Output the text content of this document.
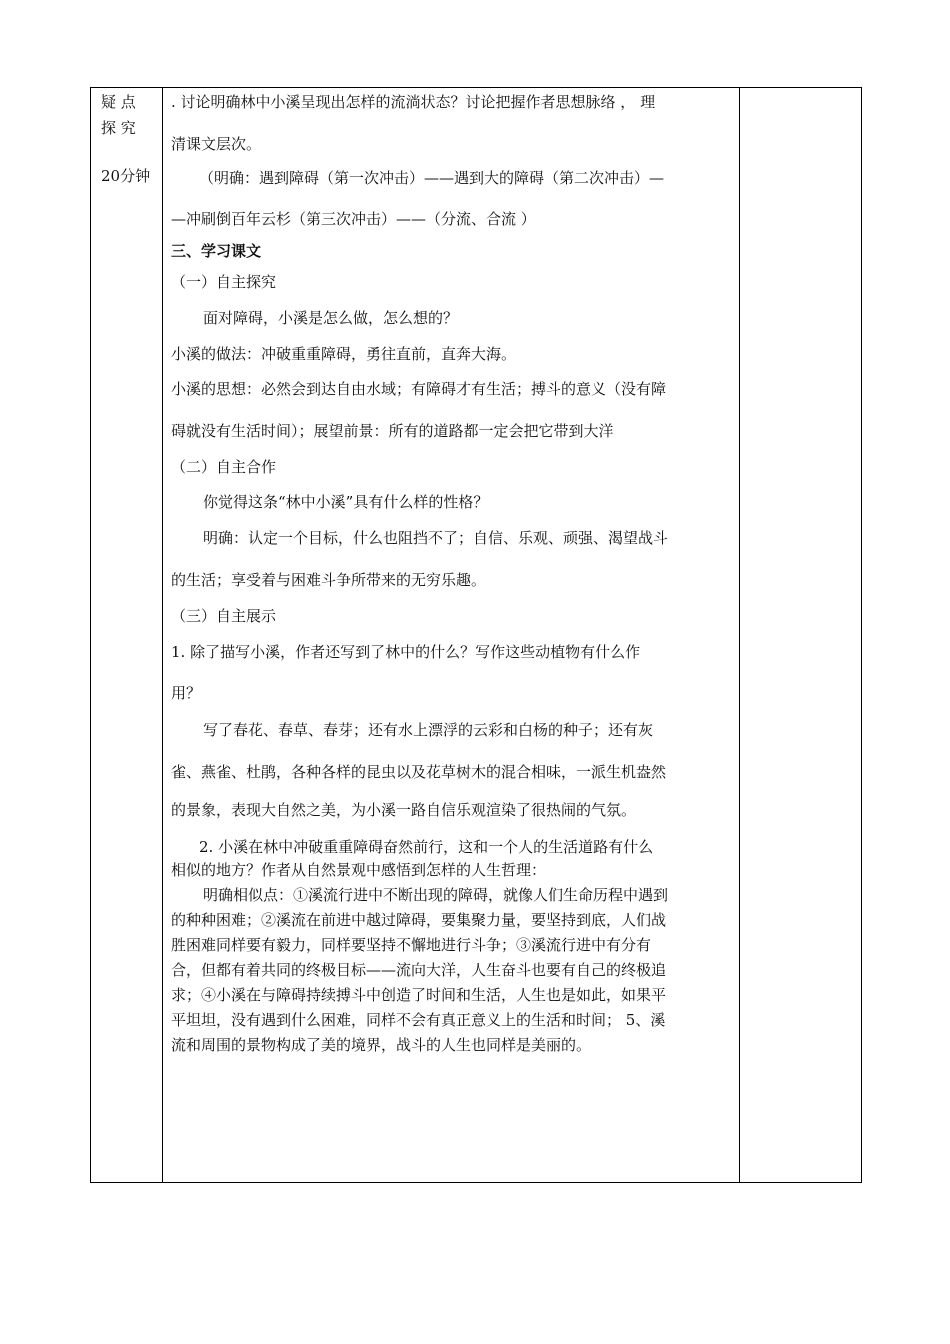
疑 点
探 究
20分钟
. 讨论明确林中小溪呈现出怎样的流淌状态？讨论把握作者思想脉络 ， 理
清课文层次。
（明确：遇到障碍（第一次冲击）——遇到大的障碍（第二次冲击）—
—冲刷倒百年云杉（第三次冲击）——（分流、合流 ）
三、学习课文
（一）自主探究
面对障碍，小溪是怎么做，怎么想的？
小溪的做法：冲破重重障碍，勇往直前，直奔大海。
小溪的思想：必然会到达自由水域；有障碍才有生活；搏斗的意义（没有障
碍就没有生活时间）；展望前景：所有的道路都一定会把它带到大洋
（二）自主合作
你觉得这条“林中小溪”具有什么样的性格？
明确：认定一个目标，什么也阻挡不了；自信、乐观、顽强、渴望战斗
的生活；享受着与困难斗争所带来的无穷乐趣。
（三）自主展示
1. 除了描写小溪，作者还写到了林中的什么？写作这些动植物有什么作
用？
写了春花、春草、春芽；还有水上漂浮的云彩和白杨的种子；还有灰
雀、燕雀、杜鹃，各种各样的昆虫以及花草树木的混合相味，一派生机盎然
的景象，表现大自然之美，为小溪一路自信乐观渲染了很热闹的气氛。
2. 小溪在林中冲破重重障碍奋然前行，这和一个人的生活道路有什么
相似的地方？作者从自然景观中感悟到怎样的人生哲理：
明确相似点：①溪流行进中不断出现的障碍，就像人们生命历程中遇到
的种种困难；②溪流在前进中越过障碍，要集聚力量，要坚持到底，人们战
胜困难同样要有毅力，同样要坚持不懈地进行斗争；③溪流行进中有分有
合，但都有着共同的终极目标——流向大洋，人生奋斗也要有自己的终极追
求；④小溪在与障碍持续搏斗中创造了时间和生活，人生也是如此，如果平
平坦坦，没有遇到什么困难，同样不会有真正意义上的生活和时间； 5、溪
流和周围的景物构成了美的境界，战斗的人生也同样是美丽的。
